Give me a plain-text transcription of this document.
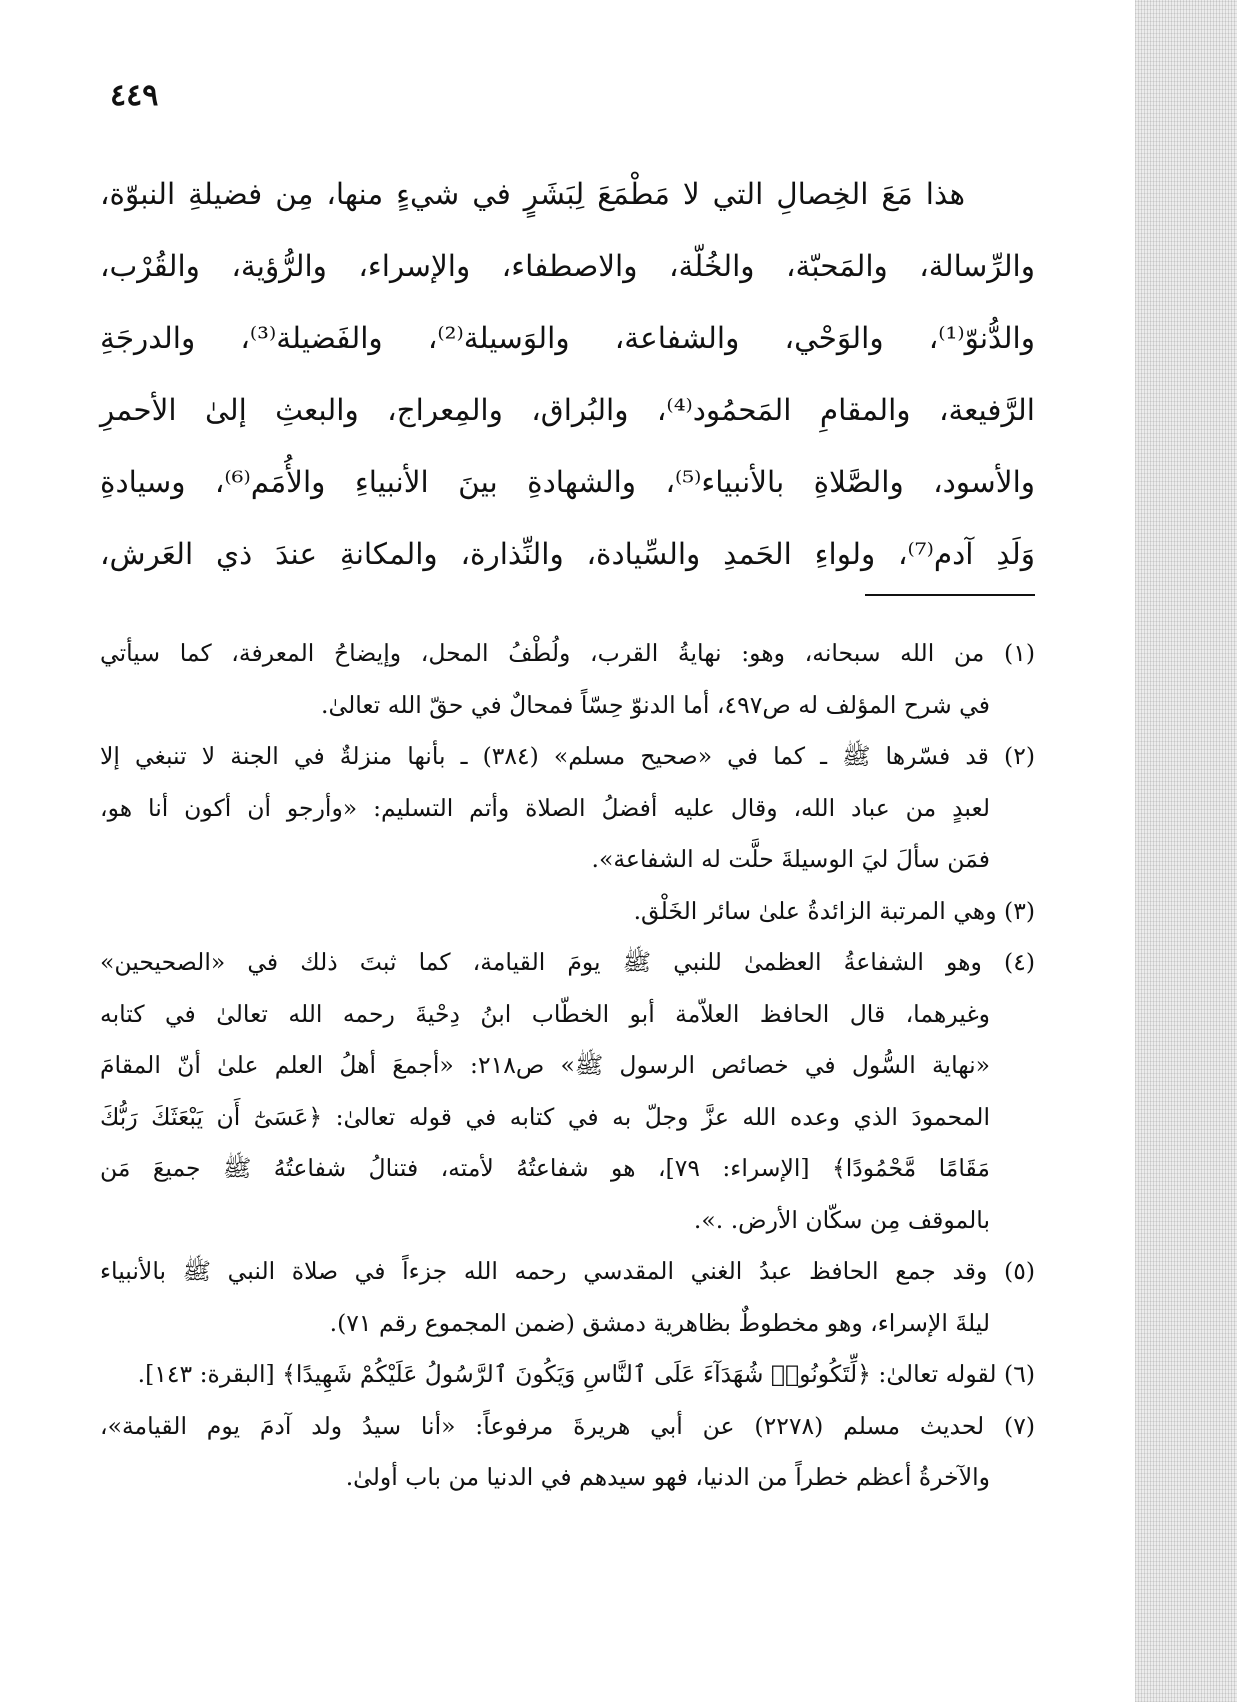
٤٤٩
هذا مَعَ الخِصالِ التي لا مَطْمَعَ لِبَشَرٍ في شيءٍ منها، مِن فضيلةِ النبوّة،
والرِّسالة، والمَحبّة، والخُلّة، والاصطفاء، والإسراء، والرُّؤية، والقُرْب،
والدُّنوّ⁽¹⁾، والوَحْي، والشفاعة، والوَسيلة⁽²⁾، والفَضيلة⁽³⁾، والدرجَةِ
الرَّفيعة، والمقامِ المَحمُود⁽⁴⁾، والبُراق، والمِعراج، والبعثِ إلىٰ الأحمرِ
والأسود، والصَّلاةِ بالأنبياء⁽⁵⁾، والشهادةِ بينَ الأنبياءِ والأُمَم⁽⁶⁾، وسيادةِ
وَلَدِ آدم⁽⁷⁾، ولواءِ الحَمدِ والسِّيادة، والنِّذارة، والمكانةِ عندَ ذي العَرش،
(١) من الله سبحانه، وهو: نهايةُ القرب، ولُطْفُ المحل، وإيضاحُ المعرفة، كما سيأتي
في شرح المؤلف له ص٤٩٧، أما الدنوّ حِسّاً فمحالٌ في حقّ الله تعالىٰ.
(٢) قد فسّرها ﷺ ـ كما في «صحيح مسلم» (٣٨٤) ـ بأنها منزلةٌ في الجنة لا تنبغي إلا
لعبدٍ من عباد الله، وقال عليه أفضلُ الصلاة وأتم التسليم: «وأرجو أن أكون أنا هو،
فمَن سألَ ليَ الوسيلةَ حلَّت له الشفاعة».
(٣) وهي المرتبة الزائدةُ علىٰ سائر الخَلْق.
(٤) وهو الشفاعةُ العظمىٰ للنبي ﷺ يومَ القيامة، كما ثبتَ ذلك في «الصحيحين»
وغيرهما، قال الحافظ العلاّمة أبو الخطّاب ابنُ دِحْيةَ رحمه الله تعالىٰ في كتابه
«نهاية السُّول في خصائص الرسول ﷺ» ص٢١٨: «أجمعَ أهلُ العلم علىٰ أنّ المقامَ
المحمودَ الذي وعده الله عزَّ وجلّ به في كتابه في قوله تعالىٰ: ﴿عَسَىٰٓ أَن يَبْعَثَكَ رَبُّكَ
مَقَامًا مَّحْمُودًا﴾ [الإسراء: ٧٩]، هو شفاعتُهُ لأمته، فتنالُ شفاعتُهُ ﷺ جميعَ مَن
بالموقف مِن سكّان الأرض. .».
(٥) وقد جمع الحافظ عبدُ الغني المقدسي رحمه الله جزءاً في صلاة النبي ﷺ بالأنبياء
ليلةَ الإسراء، وهو مخطوطٌ بظاهرية دمشق (ضمن المجموع رقم ٧١).
(٦) لقوله تعالىٰ: ﴿لِّتَكُونُوا۟ شُهَدَآءَ عَلَى ٱلنَّاسِ وَيَكُونَ ٱلرَّسُولُ عَلَيْكُمْ شَهِيدًا﴾ [البقرة: ١٤٣].
(٧) لحديث مسلم (٢٢٧٨) عن أبي هريرةَ مرفوعاً: «أنا سيدُ ولد آدمَ يوم القيامة»،
والآخرةُ أعظم خطراً من الدنيا، فهو سيدهم في الدنيا من باب أولىٰ.
